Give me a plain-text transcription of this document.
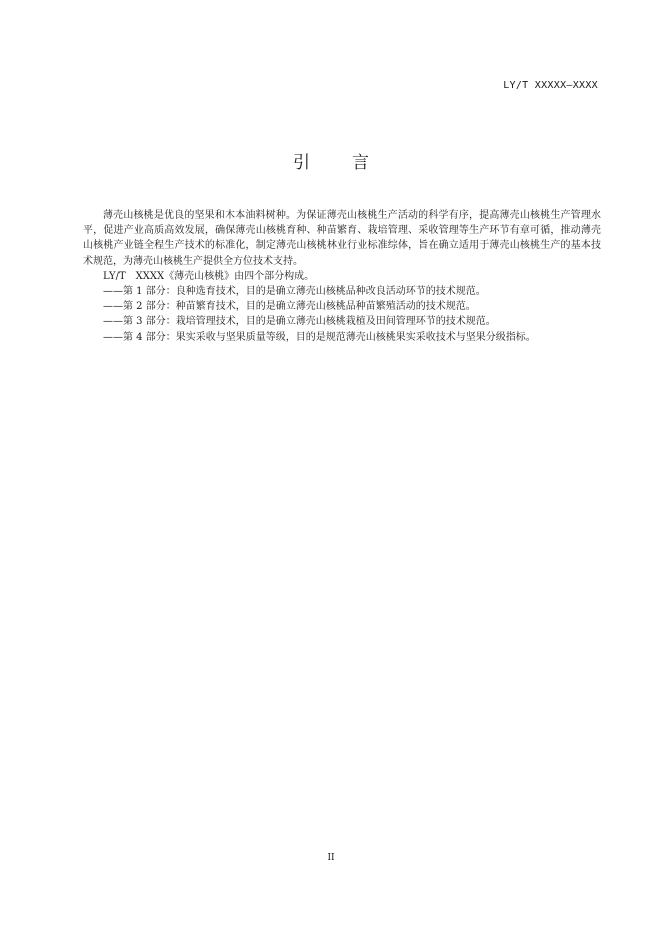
LY/T XXXXX—XXXX
引言

薄壳山核桃是优良的坚果和木本油料树种。为保证薄壳山核桃生产活动的科学有序，提高薄壳山核桃生产管理水平，促进产业高质高效发展，确保薄壳山核桃育种、种苗繁育、栽培管理、采收管理等生产环节有章可循，推动薄壳山核桃产业链全程生产技术的标准化，制定薄壳山核桃林业行业标准综体，旨在确立适用于薄壳山核桃生产的基本技术规范，为薄壳山核桃生产提供全方位技术支持。

LY/T　XXXX《薄壳山核桃》由四个部分构成。

——第 1 部分：良种选育技术，目的是确立薄壳山核桃品种改良活动环节的技术规范。

——第 2 部分：种苗繁育技术，目的是确立薄壳山核桃品种苗繁殖活动的技术规范。

——第 3 部分：栽培管理技术，目的是确立薄壳山核桃栽植及田间管理环节的技术规范。

——第 4 部分：果实采收与坚果质量等级，目的是规范薄壳山核桃果实采收技术与坚果分级指标。

II
